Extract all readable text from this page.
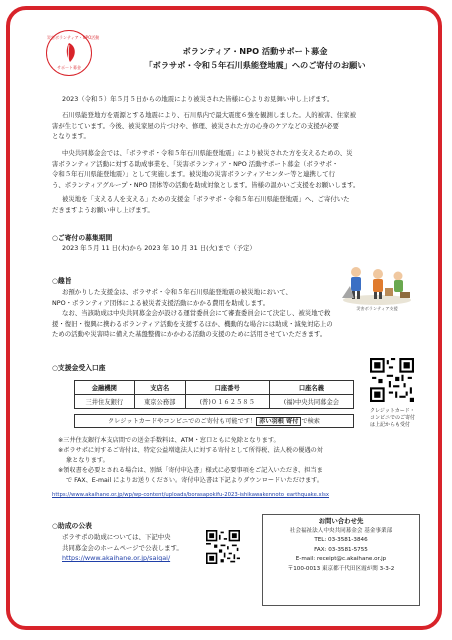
災害ボランティア・NPO活動
サポート募金
ボランティア・NPO 活動サポート募金
「ボラサポ・令和５年石川県能登地震」へのご寄付のお願い
2023（令和５）年５月５日からの地震により被災された皆様に心よりお見舞い申し上げます。
石川県能登地方を震源とする地震により、石川県内で最大震度６強を観測しました。人的被害、住家被
害が生じています。今後、被災家屋の片づけや、修理、被災された方の心身のケアなどの支援が必要
となります。
中央共同募金会では、「ボラサポ・令和５年石川県能登地震」により被災された方を支えるための、災
害ボランティア活動に対する助成事業を、「災害ボランティア・NPO 活動サポート募金（ボラサポ・
令和５年石川県能登地震）」として実施します。被災地の災害ボランティアセンター等と連携して行
う、ボランティアグループ・NPO 団体等の活動を助成対象とします。皆様の温かいご支援をお願いします。
被災地を「支える人を支える」ための支援金「ボラサポ・令和５年石川県能登地震」へ、ご寄付いた
だきますようお願い申し上げます。
○ご寄付の募集期間
2023 年５月 11 日(木)から 2023 年 10 月 31 日(火)まで（予定）
○趣旨
お預かりした支援金は、ボラサポ・令和５年石川県能登地震の被災地において、
NPO・ボランティア団体による被災者支援活動にかかる費用を助成します。
なお、当該助成は中央共同募金会が設ける運営委員会にて審査委員会にて決定し、被災地で救
援・復旧・復興に携わるボランティア活動を支援するほか、機動的な場合には助成・減免対応上の
ための活動や災害時に備えた基盤整備にかかわる活動の支援のために活用させていただきます。
災害ボランティア支援
○支援金受入口座
金融機関	支店名	口座番号	口座名義
三井住友銀行	東京公務部	(普)０１６２５８５	(福)中央共同募金会
クレジットカードやコンビニでのご寄付も可能です！ 赤い羽根 寄付 で検索
クレジットカード・コンビニでのご寄付は上記からも受付

※三井住友銀行本支店間での送金手数料は、ATM・窓口ともに免除となります。

※ボラサポに対するご寄付は、特定公益増進法人に対する寄付として所得税、法人税の優遇の対

象となります。

※領収書を必要とされる場合は、別紙「寄付申込書」様式に必要事項をご記入いただき、担当ま

で FAX、E-mail によりお送りください。寄付申込書は下記よりダウンロードいただけます。

https://www.akaihane.or.jp/wp/wp-content/uploads/borasapokifu-2023-ishikawakennoto_earthquake.xlsx
○助成の公表
ボラサポの助成については、下記中央
共同募金会のホームページで公表します。
https://www.akaihane.or.jp/saigai/
お問い合わせ先
社会福祉法人中央共同募金会 基金事業部
TEL: 03-3581-3846
FAX: 03-3581-5755
E-mail: receipt@c.akaihane.or.jp
〒100-0013 東京都千代田区霞が関 3-3-2
